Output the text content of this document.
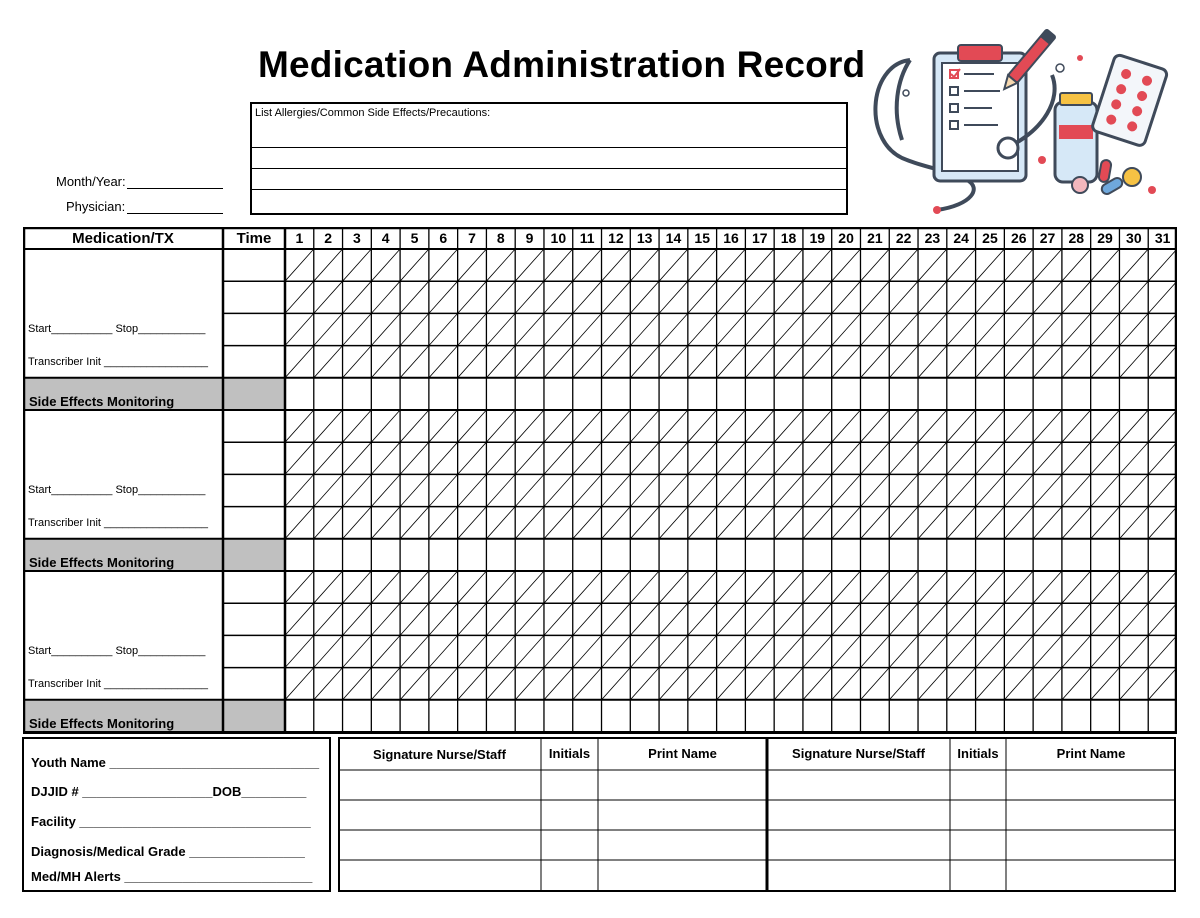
Medication Administration Record
Month/Year:
Physician:
List Allergies/Common Side Effects/Precautions:
Medication/TX	Time	1	2	3	4	5	6	7	8	9	10 11 12 13 14 15 16 17 18 19 20 21 22 23 24 25 26 27 28 29 30 31
Start__________ Stop___________
Transcriber Init _________________
Side Effects Monitoring
Start__________ Stop___________
Transcriber Init _________________
Side Effects Monitoring
Start__________ Stop___________
Transcriber Init _________________
Side Effects Monitoring
Youth Name _____________________________
DJJID # __________________DOB_________
Facility ________________________________
Diagnosis/Medical Grade ________________
Med/MH Alerts __________________________
Signature Nurse/Staff	Initials	Print Name	Signature Nurse/Staff	Initials	Print Name
